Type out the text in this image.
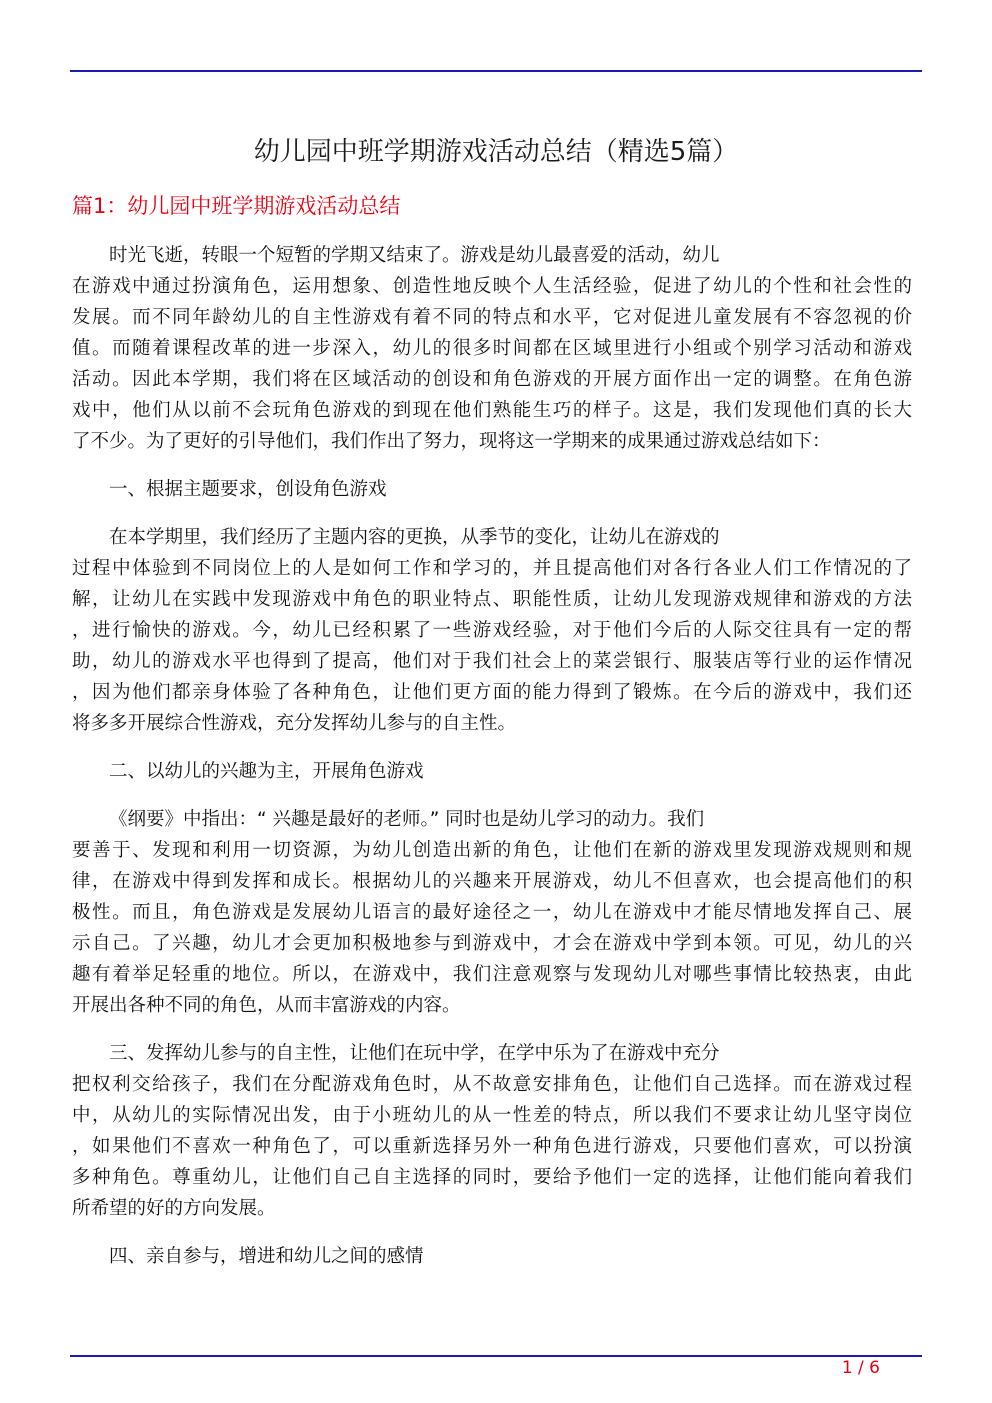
幼儿园中班学期游戏活动总结（精选5篇）
篇1：幼儿园中班学期游戏活动总结
时光飞逝，转眼一个短暂的学期又结束了。游戏是幼儿最喜爱的活动，幼儿
在游戏中通过扮演角色，运用想象、创造性地反映个人生活经验，促进了幼儿的个性和社会性的
发展。而不同年龄幼儿的自主性游戏有着不同的特点和水平，它对促进儿童发展有不容忽视的价
值。而随着课程改革的进一步深入，幼儿的很多时间都在区域里进行小组或个别学习活动和游戏
活动。因此本学期，我们将在区域活动的创设和角色游戏的开展方面作出一定的调整。在角色游
戏中，他们从以前不会玩角色游戏的到现在他们熟能生巧的样子。这是，我们发现他们真的长大
了不少。为了更好的引导他们，我们作出了努力，现将这一学期来的成果通过游戏总结如下：
一、根据主题要求，创设角色游戏
在本学期里，我们经历了主题内容的更换，从季节的变化，让幼儿在游戏的
过程中体验到不同岗位上的人是如何工作和学习的，并且提高他们对各行各业人们工作情况的了
解，让幼儿在实践中发现游戏中角色的职业特点、职能性质，让幼儿发现游戏规律和游戏的方法
，进行愉快的游戏。今，幼儿已经积累了一些游戏经验，对于他们今后的人际交往具有一定的帮
助，幼儿的游戏水平也得到了提高，他们对于我们社会上的菜尝银行、服装店等行业的运作情况
，因为他们都亲身体验了各种角色，让他们更方面的能力得到了锻炼。在今后的游戏中，我们还
将多多开展综合性游戏，充分发挥幼儿参与的自主性。
二、以幼儿的兴趣为主，开展角色游戏
《纲要》中指出：“ 兴趣是最好的老师。” 同时也是幼儿学习的动力。我们
要善于、发现和利用一切资源，为幼儿创造出新的角色，让他们在新的游戏里发现游戏规则和规
律，在游戏中得到发挥和成长。根据幼儿的兴趣来开展游戏，幼儿不但喜欢，也会提高他们的积
极性。而且，角色游戏是发展幼儿语言的最好途径之一，幼儿在游戏中才能尽情地发挥自己、展
示自己。了兴趣，幼儿才会更加积极地参与到游戏中，才会在游戏中学到本领。可见，幼儿的兴
趣有着举足轻重的地位。所以，在游戏中，我们注意观察与发现幼儿对哪些事情比较热衷，由此
开展出各种不同的角色，从而丰富游戏的内容。
三、发挥幼儿参与的自主性，让他们在玩中学，在学中乐为了在游戏中充分
把权利交给孩子，我们在分配游戏角色时，从不故意安排角色，让他们自己选择。而在游戏过程
中，从幼儿的实际情况出发，由于小班幼儿的从一性差的特点，所以我们不要求让幼儿坚守岗位
，如果他们不喜欢一种角色了，可以重新选择另外一种角色进行游戏，只要他们喜欢，可以扮演
多种角色。尊重幼儿，让他们自己自主选择的同时，要给予他们一定的选择，让他们能向着我们
所希望的好的方向发展。
四、亲自参与，增进和幼儿之间的感情
1 / 6
